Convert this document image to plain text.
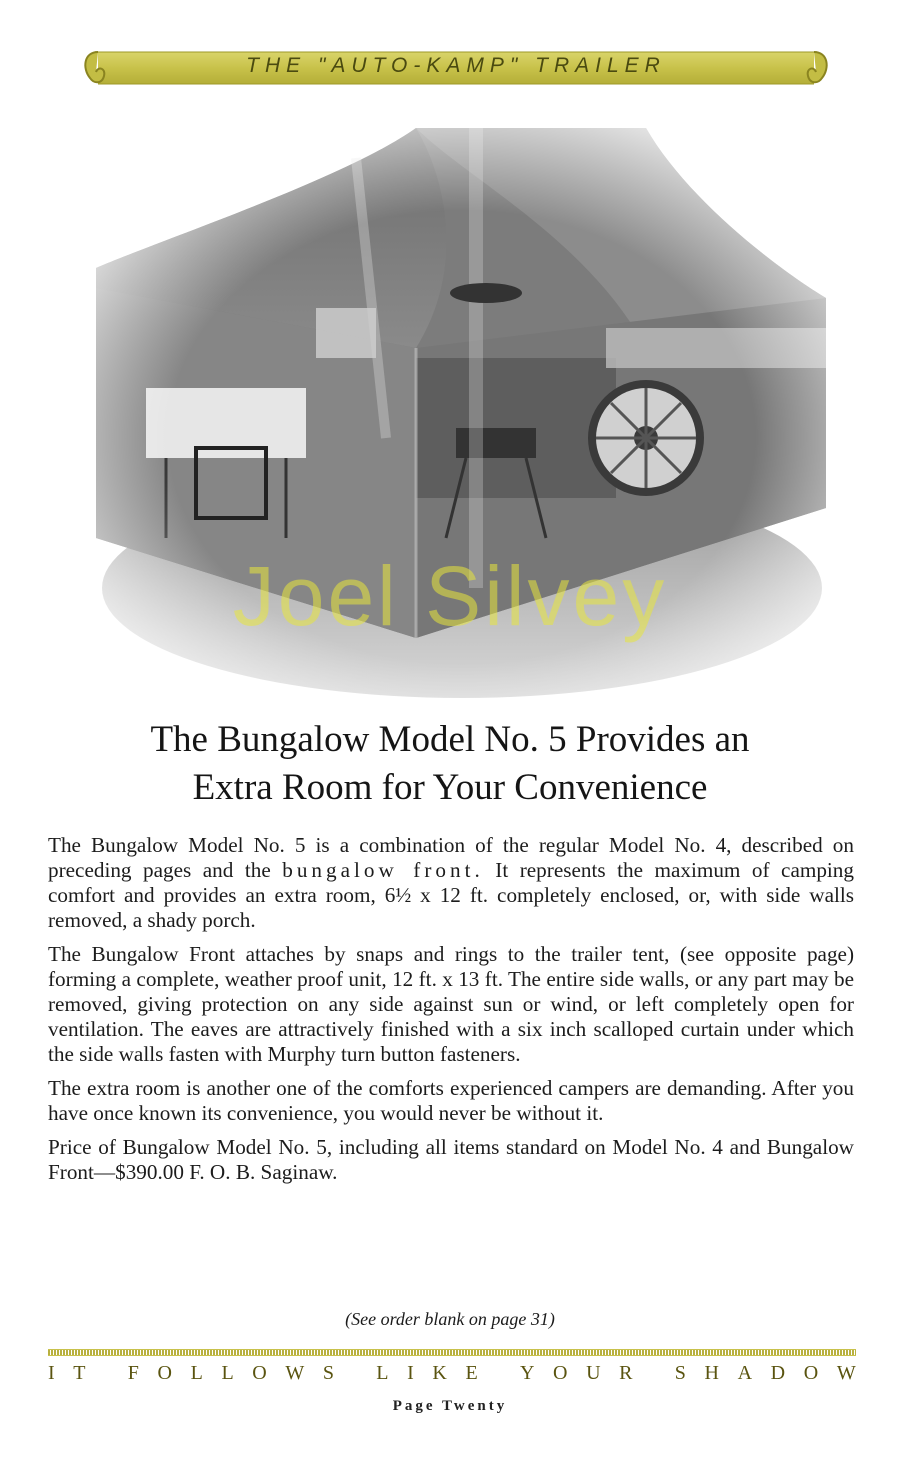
THE "AUTO-KAMP" TRAILER
Joel Silvey
The Bungalow Model No. 5 Provides an
Extra Room for Your Convenience

The Bungalow Model No. 5 is a combination of the regular Model No. 4, described on preceding pages and the bungalow front. It represents the maximum of camping comfort and provides an extra room, 6½ x 12 ft. completely enclosed, or, with side walls removed, a shady porch.

The Bungalow Front attaches by snaps and rings to the trailer tent, (see opposite page) forming a complete, weather proof unit, 12 ft. x 13 ft. The entire side walls, or any part may be removed, giving protection on any side against sun or wind, or left completely open for ventilation. The eaves are attractively finished with a six inch scalloped curtain under which the side walls fasten with Murphy turn button fasteners.

The extra room is another one of the comforts experienced campers are demanding. After you have once known its convenience, you would never be without it.

Price of Bungalow Model No. 5, including all items standard on Model No. 4 and Bungalow Front—$390.00 F. O. B. Saginaw.

(See order blank on page 31)
I T
F O L L O W S
L I K E
Y O U R
S H A D O W
Page Twenty
